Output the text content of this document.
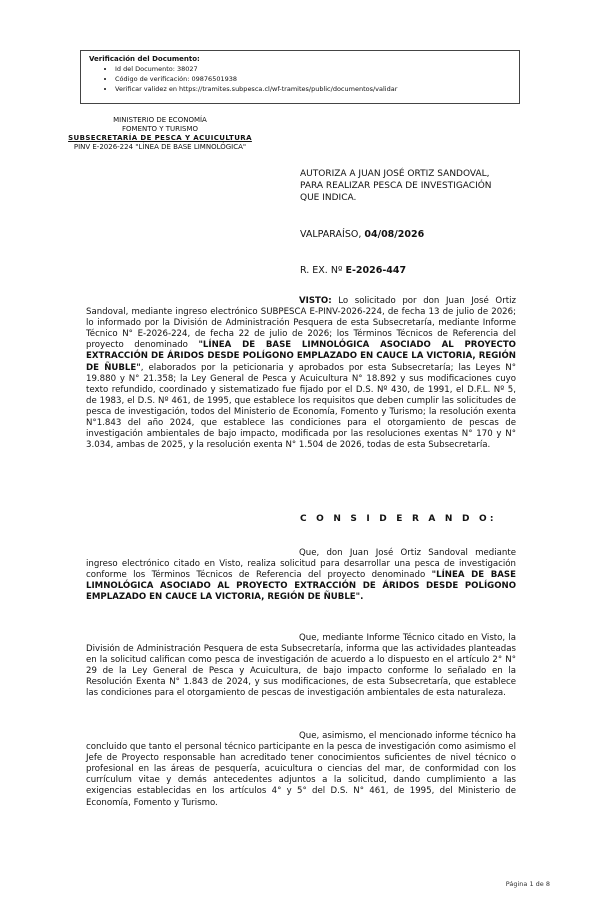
Verificación del Documento:
• Id del Documento: 38027
• Código de verificación: 09876501938
• Verificar validez en https://tramites.subpesca.cl/wf-tramites/public/documentos/validar
MINISTERIO DE ECONOMÍA
FOMENTO Y TURISMO
SUBSECRETARÍA DE PESCA Y ACUICULTURA
PINV E-2026-224 "LÍNEA DE BASE LIMNOLÓGICA"
AUTORIZA A JUAN JOSÉ ORTIZ SANDOVAL,
PARA REALIZAR PESCA DE INVESTIGACIÓN
QUE INDICA.
VALPARAÍSO, 04/08/2026
R. EX. Nº E-2026-447

VISTO: Lo solicitado por don Juan José Ortiz Sandoval, mediante ingreso electrónico SUBPESCA E-PINV-2026-224, de fecha 13 de julio de 2026; lo informado por la División de Administración Pesquera de esta Subsecretaría, mediante Informe Técnico N° E-2026-224, de fecha 22 de julio de 2026; los Términos Técnicos de Referencia del proyecto denominado "LÍNEA DE BASE LIMNOLÓGICA ASOCIADO AL PROYECTO EXTRACCIÓN DE ÁRIDOS DESDE POLÍGONO EMPLAZADO EN CAUCE LA VICTORIA, REGIÓN DE ÑUBLE", elaborados por la peticionaria y aprobados por esta Subsecretaría; las Leyes N° 19.880 y N° 21.358; la Ley General de Pesca y Acuicultura N° 18.892 y sus modificaciones cuyo texto refundido, coordinado y sistematizado fue fijado por el D.S. Nº 430, de 1991, el D.F.L. Nº 5, de 1983, el D.S. Nº 461, de 1995, que establece los requisitos que deben cumplir las solicitudes de pesca de investigación, todos del Ministerio de Economía, Fomento y Turismo; la resolución exenta N°1.843 del año 2024, que establece las condiciones para el otorgamiento de pescas de investigación ambientales de bajo impacto, modificada por las resoluciones exentas N° 170 y N° 3.034, ambas de 2025, y la resolución exenta N° 1.504 de 2026, todas de esta Subsecretaría.

C O N S I D E R A N D O:

Que, don Juan José Ortiz Sandoval mediante ingreso electrónico citado en Visto, realiza solicitud para desarrollar una pesca de investigación conforme los Términos Técnicos de Referencia del proyecto denominado "LÍNEA DE BASE LIMNOLÓGICA ASOCIADO AL PROYECTO EXTRACCIÓN DE ÁRIDOS DESDE POLÍGONO EMPLAZADO EN CAUCE LA VICTORIA, REGIÓN DE ÑUBLE".

Que, mediante Informe Técnico citado en Visto, la División de Administración Pesquera de esta Subsecretaría, informa que las actividades planteadas en la solicitud califican como pesca de investigación de acuerdo a lo dispuesto en el artículo 2° N° 29 de la Ley General de Pesca y Acuicultura, de bajo impacto conforme lo señalado en la Resolución Exenta N° 1.843 de 2024, y sus modificaciones, de esta Subsecretaría, que establece las condiciones para el otorgamiento de pescas de investigación ambientales de esta naturaleza.

Que, asimismo, el mencionado informe técnico ha concluido que tanto el personal técnico participante en la pesca de investigación como asimismo el Jefe de Proyecto responsable han acreditado tener conocimientos suficientes de nivel técnico o profesional en las áreas de pesquería, acuicultura o ciencias del mar, de conformidad con los currículum vitae y demás antecedentes adjuntos a la solicitud, dando cumplimiento a las exigencias establecidas en los artículos 4° y 5° del D.S. N° 461, de 1995, del Ministerio de Economía, Fomento y Turismo.

Página 1 de 8
